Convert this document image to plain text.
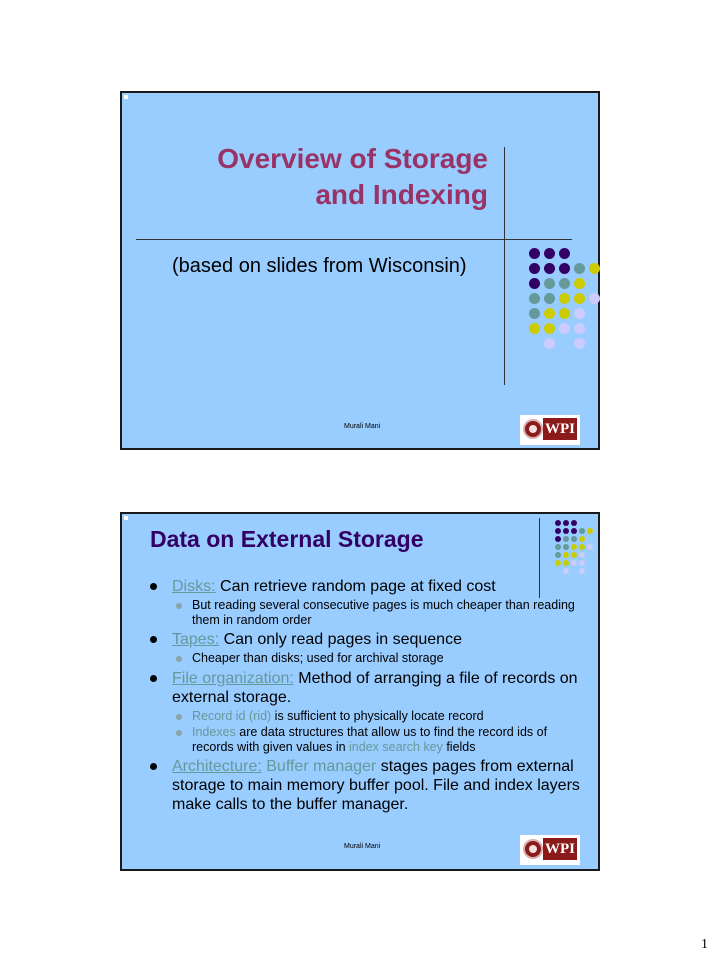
Overview of Storage
and Indexing
(based on slides from Wisconsin)
Murali Mani	WPI
Data on External Storage
Disks: Can retrieve random page at fixed cost
But reading several consecutive pages is much cheaper than reading them in random order
Tapes: Can only read pages in sequence
Cheaper than disks; used for archival storage
File organization: Method of arranging a file of records on external storage.
Record id (rid) is sufficient to physically locate record
Indexes are data structures that allow us to find the record ids of records with given values in index search key fields
Architecture: Buffer manager stages pages from external storage to main memory buffer pool. File and index layers make calls to the buffer manager.
Murali Mani	WPI
1
